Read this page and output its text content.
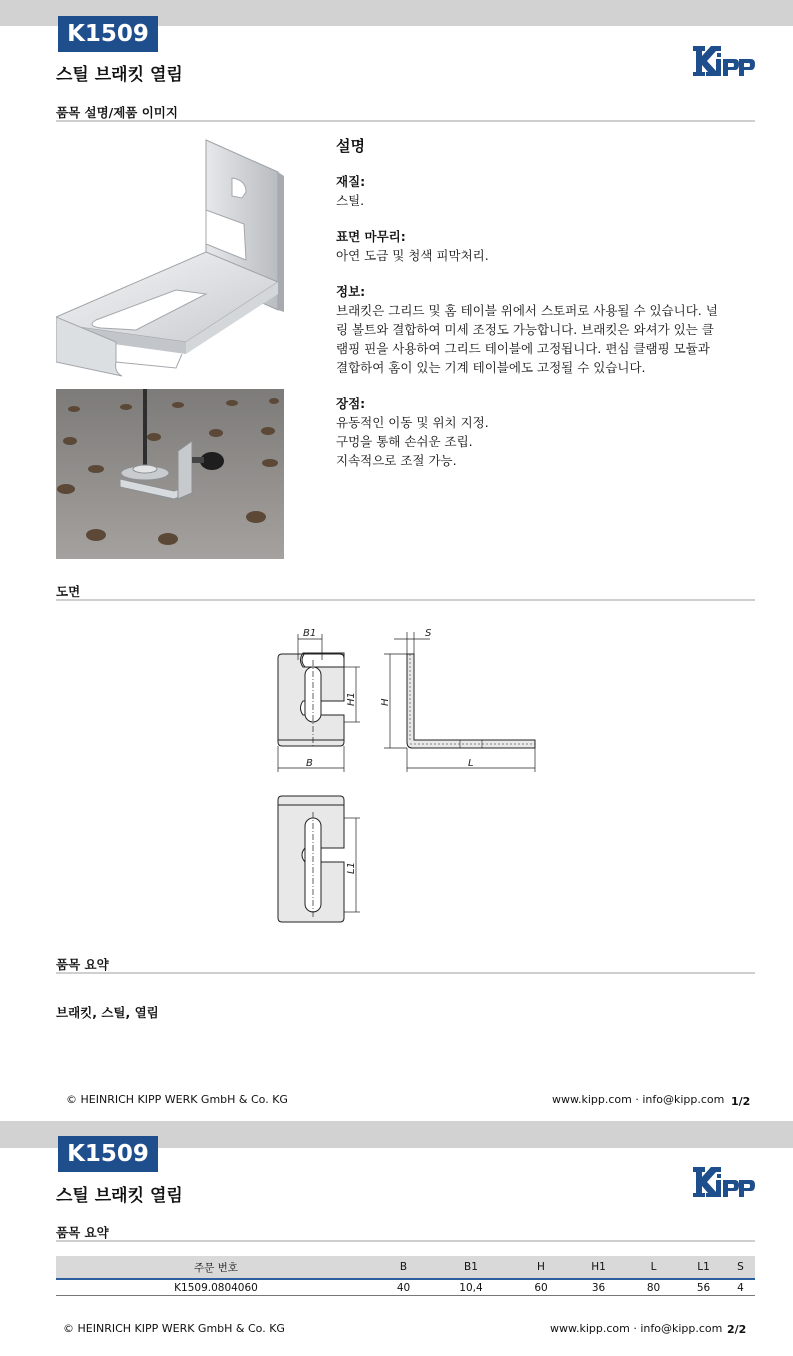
K1509
스틸 브래킷 열림
품목 설명/제품 이미지
설명
재질:
스틸.
표면 마무리:
아연 도금 및 청색 피막처리.
정보:
브래킷은 그리드 및 홈 테이블 위에서 스토퍼로 사용될 수 있습니다. 널
링 볼트와 결합하여 미세 조정도 가능합니다. 브래킷은 와셔가 있는 클
램핑 핀을 사용하여 그리드 테이블에 고정됩니다. 편심 클램핑 모듈과
결합하여 홈이 있는 기계 테이블에도 고정될 수 있습니다.
장점:
유동적인 이동 및 위치 지정.
구멍을 통해 손쉬운 조립.
지속적으로 조절 가능.
도면
B1	S
H1 H
B	L
L1
품목 요약
브래킷, 스틸, 열림
© HEINRICH KIPP WERK GmbH & Co. KG	www.kipp.com · info@kipp.com 1/2
K1509
스틸 브래킷 열림
품목 요약
주문 번호	B	B1	H	H1	L	L1	S
K1509.0804060	40	10,4	60	36	80	56	4
© HEINRICH KIPP WERK GmbH & Co. KG	www.kipp.com · info@kipp.com 2/2
